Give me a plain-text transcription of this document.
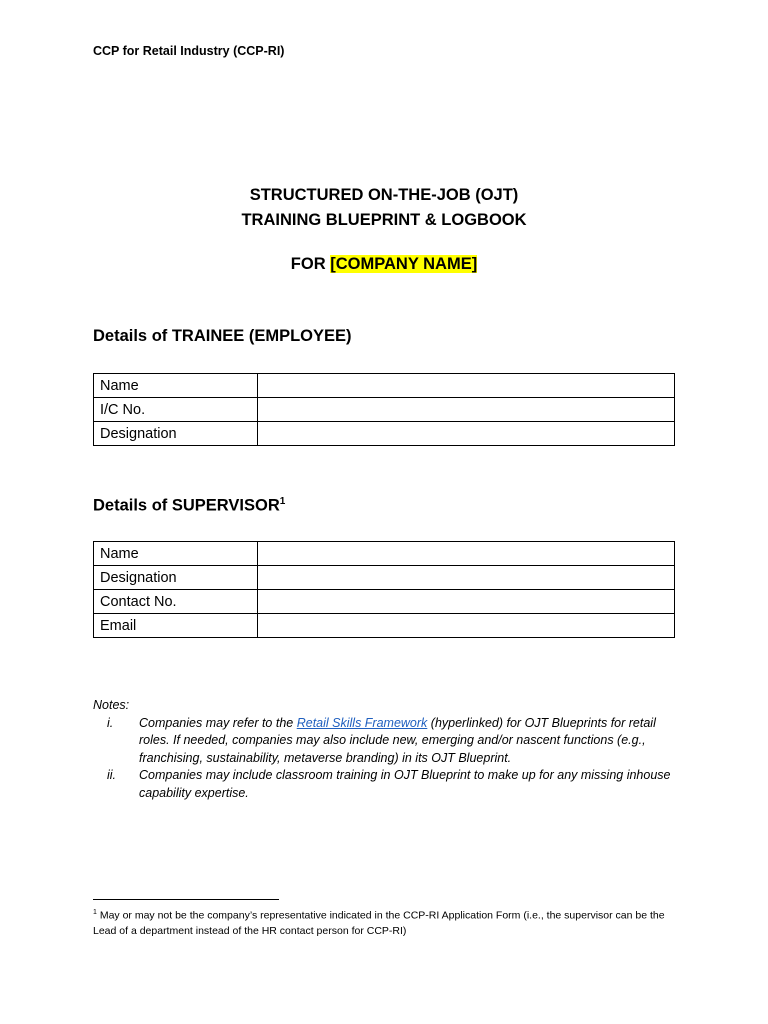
CCP for Retail Industry (CCP-RI)
STRUCTURED ON-THE-JOB (OJT)
TRAINING BLUEPRINT & LOGBOOK
FOR [COMPANY NAME]
Details of TRAINEE (EMPLOYEE)
Name	
I/C No.	
Designation	
Details of SUPERVISOR$^1$
Name	
Designation	
Contact No.	
Email	
Notes:
i. Companies may refer to the Retail Skills Framework (hyperlinked) for OJT Blueprints for retail roles. If needed, companies may also include new, emerging and/or nascent functions (e.g., franchising, sustainability, metaverse branding) in its OJT Blueprint.
ii. Companies may include classroom training in OJT Blueprint to make up for any missing inhouse capability expertise.
$^1$ May or may not be the company’s representative indicated in the CCP-RI Application Form (i.e., the supervisor can be the Lead of a department instead of the HR contact person for CCP-RI)
